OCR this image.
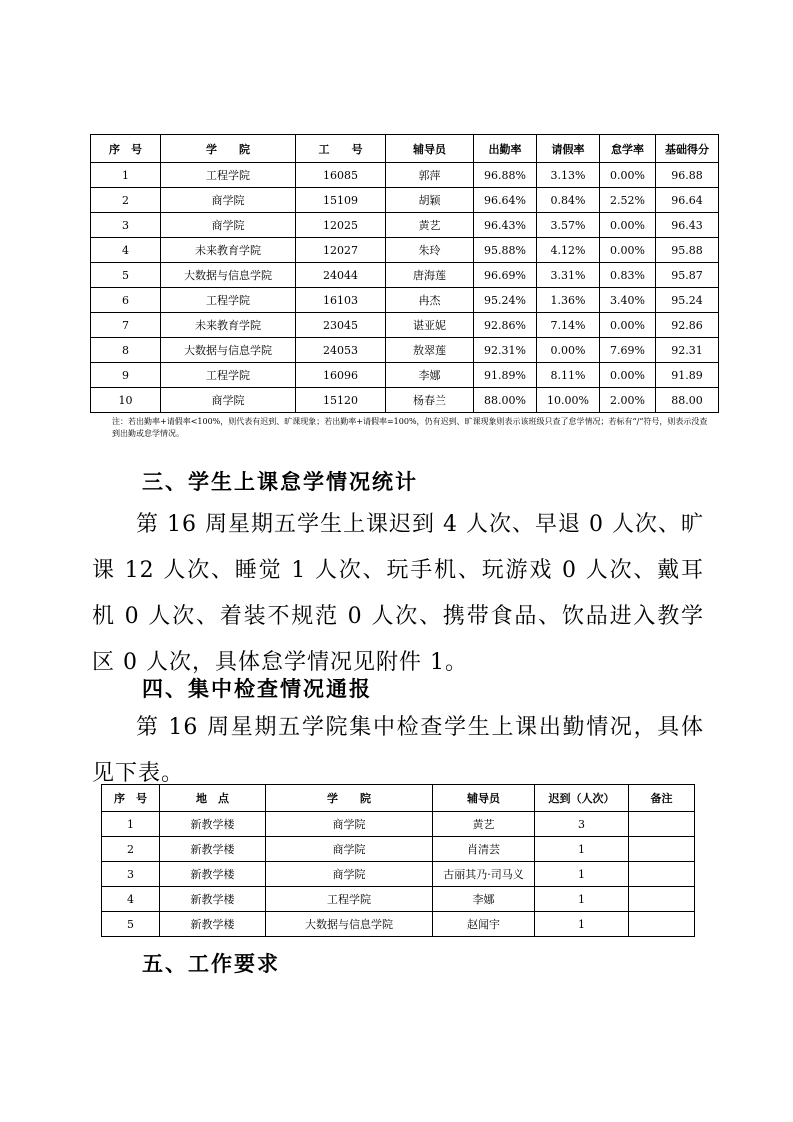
序　号	学　　院	工　　号	辅导员	出勤率	请假率	怠学率	基础得分
1	工程学院	16085	郭萍	96.88%	3.13%	0.00%	96.88
2	商学院	15109	胡颖	96.64%	0.84%	2.52%	96.64
3	商学院	12025	黄艺	96.43%	3.57%	0.00%	96.43
4	未来教育学院	12027	朱玲	95.88%	4.12%	0.00%	95.88
5	大数据与信息学院	24044	唐海莲	96.69%	3.31%	0.83%	95.87
6	工程学院	16103	冉杰	95.24%	1.36%	3.40%	95.24
7	未来教育学院	23045	谌亚妮	92.86%	7.14%	0.00%	92.86
8	大数据与信息学院	24053	敖翠莲	92.31%	0.00%	7.69%	92.31
9	工程学院	16096	李娜	91.89%	8.11%	0.00%	91.89
10	商学院	15120	杨春兰	88.00%	10.00%	2.00%	88.00
注：若出勤率+请假率<100%，则代表有迟到、旷课现象；若出勤率+请假率=100%，仍有迟到、旷课现象则表示该班级只查了怠学情况；若标有“/”符号，则表示没查到出勤或怠学情况。
三、学生上课怠学情况统计
第 16 周星期五学生上课迟到 4 人次、早退 0 人次、旷课 12 人次、睡觉 1 人次、玩手机、玩游戏 0 人次、戴耳机 0 人次、着装不规范 0 人次、携带食品、饮品进入教学区 0 人次，具体怠学情况见附件 1。
四、集中检查情况通报
第 16 周星期五学院集中检查学生上课出勤情况，具体见下表。
序　号	地　点	学　　院	辅导员	迟到（人次）	备注
1	新教学楼	商学院	黄艺	3	
2	新教学楼	商学院	肖清芸	1	
3	新教学楼	商学院	古丽其乃·司马义	1	
4	新教学楼	工程学院	李娜	1	
5	新教学楼	大数据与信息学院	赵闻宇	1	
五、工作要求
